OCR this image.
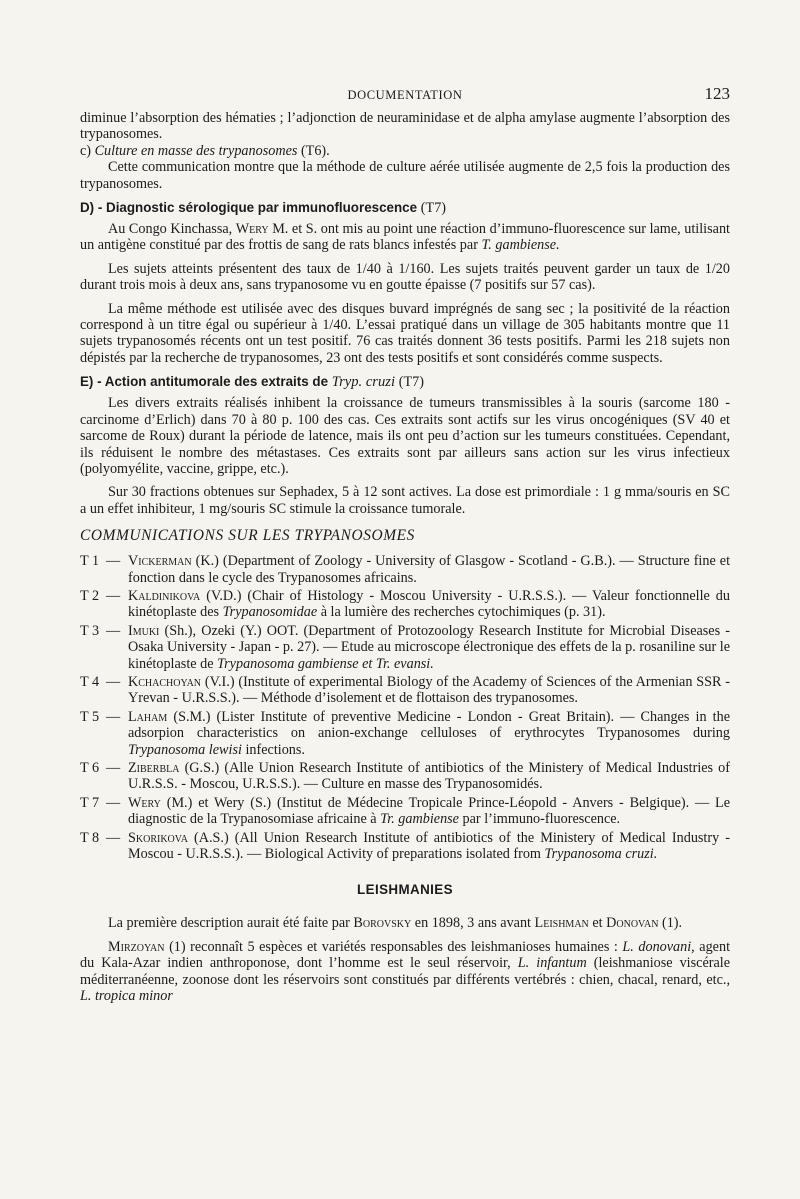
DOCUMENTATION	123

diminue l’absorption des hématies ; l’adjonction de neuraminidase et de alpha amylase augmente l’absorption des trypanosomes.

c) Culture en masse des trypanosomes (T6).

Cette communication montre que la méthode de culture aérée utilisée augmente de 2,5 fois la production des trypanosomes.

D) - Diagnostic sérologique par immunofluorescence (T7)

Au Congo Kinchassa, Wery M. et S. ont mis au point une réaction d’immuno-fluorescence sur lame, utilisant un antigène constitué par des frottis de sang de rats blancs infestés par T. gambiense.

Les sujets atteints présentent des taux de 1/40 à 1/160. Les sujets traités peuvent garder un taux de 1/20 durant trois mois à deux ans, sans trypanosome vu en goutte épaisse (7 positifs sur 57 cas).

La même méthode est utilisée avec des disques buvard imprégnés de sang sec ; la positivité de la réaction correspond à un titre égal ou supérieur à 1/40. L’essai pratiqué dans un village de 305 habitants montre que 11 sujets trypanosomés récents ont un test positif. 76 cas traités donnent 36 tests positifs. Parmi les 218 sujets non dépistés par la recherche de trypanosomes, 23 ont des tests positifs et sont considérés comme suspects.

E) - Action antitumorale des extraits de Tryp. cruzi (T7)

Les divers extraits réalisés inhibent la croissance de tumeurs transmissibles à la souris (sarcome 180 - carcinome d’Erlich) dans 70 à 80 p. 100 des cas. Ces extraits sont actifs sur les virus oncogéniques (SV 40 et sarcome de Roux) durant la période de latence, mais ils ont peu d’action sur les tumeurs constituées. Cependant, ils réduisent le nombre des métastases. Ces extraits sont par ailleurs sans action sur les virus infectieux (polyomyélite, vaccine, grippe, etc.).

Sur 30 fractions obtenues sur Sephadex, 5 à 12 sont actives. La dose est primordiale : 1 g mma/souris en SC a un effet inhibiteur, 1 mg/souris SC stimule la croissance tumorale.

COMMUNICATIONS SUR LES TRYPANOSOMES
T 1 — Vickerman (K.) (Department of Zoology - University of Glasgow - Scotland - G.B.). — Structure fine et fonction dans le cycle des Trypanosomes africains.
T 2 — Kaldinikova (V.D.) (Chair of Histology - Moscou University - U.R.S.S.). — Valeur fonctionnelle du kinétoplaste des Trypanosomidae à la lumière des recherches cytochimiques (p. 31).
T 3 — Imuki (Sh.), Ozeki (Y.) OOT. (Department of Protozoology Research Institute for Microbial Diseases - Osaka University - Japan - p. 27). — Etude au microscope électronique des effets de la p. rosaniline sur le kinétoplaste de Trypanosoma gambiense et Tr. evansi.
T 4 — Kchachoyan (V.I.) (Institute of experimental Biology of the Academy of Sciences of the Armenian SSR - Yrevan - U.R.S.S.). — Méthode d’isolement et de flottaison des trypanosomes.
T 5 — Laham (S.M.) (Lister Institute of preventive Medicine - London - Great Britain). — Changes in the adsorpion characteristics on anion-exchange celluloses of erythrocytes Trypanosomes during Trypanosoma lewisi infections.
T 6 — Ziberbla (G.S.) (Alle Union Research Institute of antibiotics of the Ministery of Medical Industries of U.R.S.S. - Moscou, U.R.S.S.). — Culture en masse des Trypanosomidés.
T 7 — Wery (M.) et Wery (S.) (Institut de Médecine Tropicale Prince-Léopold - Anvers - Belgique). — Le diagnostic de la Trypanosomiase africaine à Tr. gambiense par l’immuno-fluorescence.
T 8 — Skorikova (A.S.) (All Union Research Institute of antibiotics of the Ministery of Medical Industry - Moscou - U.R.S.S.). — Biological Activity of preparations isolated from Trypanosoma cruzi.
LEISHMANIES

La première description aurait été faite par Borovsky en 1898, 3 ans avant Leishman et Donovan (1).

Mirzoyan (1) reconnaît 5 espèces et variétés responsables des leishmanioses humaines : L. donovani, agent du Kala-Azar indien anthroponose, dont l’homme est le seul réservoir, L. infantum (leishmaniose viscérale méditerranéenne, zoonose dont les réservoirs sont constitués par différents vertébrés : chien, chacal, renard, etc., L. tropica minor
